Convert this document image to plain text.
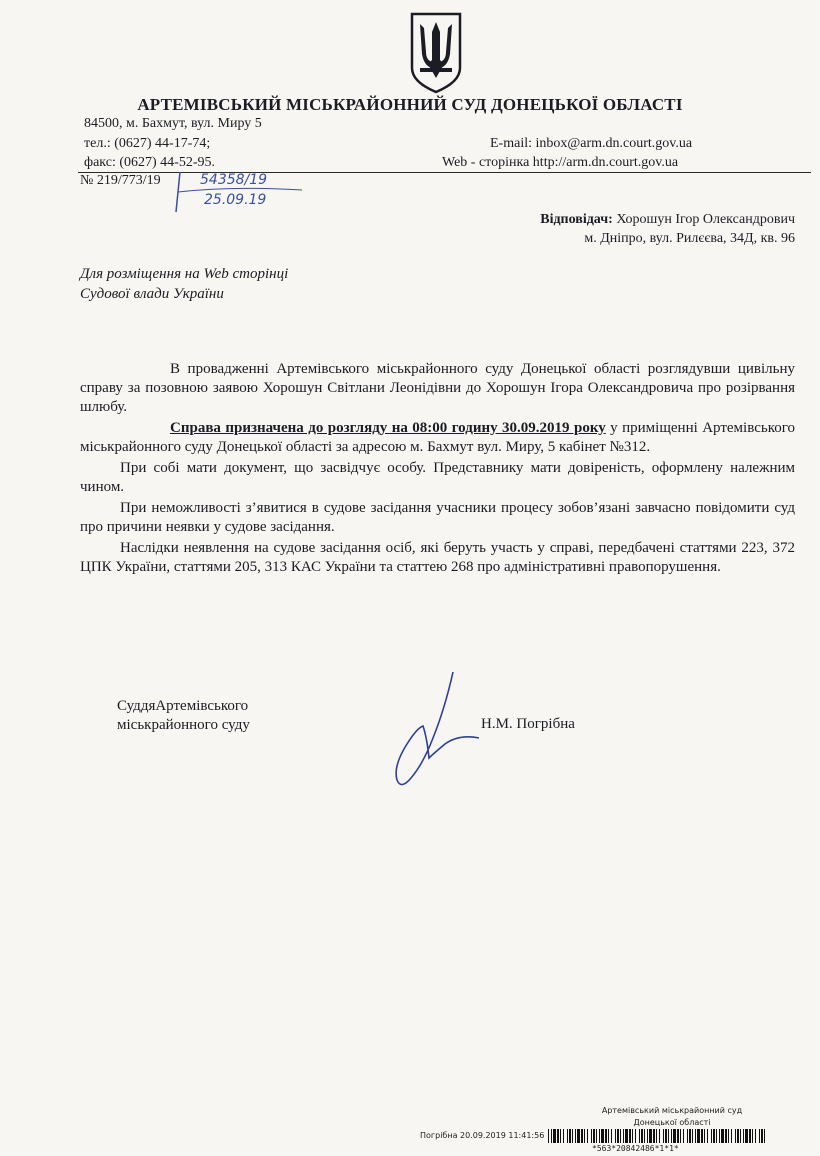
АРТЕМІВСЬКИЙ МІСЬКРАЙОННИЙ СУД ДОНЕЦЬКОЇ ОБЛАСТІ
84500, м. Бахмут, вул. Миру 5
тел.: (0627) 44-17-74;
факс: (0627) 44-52-95.
E-mail: inbox@arm.dn.court.gov.ua
Web - сторінка http://arm.dn.court.gov.ua
№ 219/773/19	54358/19
25.09.19
Відповідач: Хорошун Ігор Олександрович
м. Дніпро, вул. Рилєєва, 34Д, кв. 96
Для розміщення на Web сторінці
Судової влади України

В провадженні Артемівського міськрайонного суду Донецької області розглядувши цивільну справу за позовною заявою Хорошун Світлани Леонідівни до Хорошун Ігора Олександровича про розірвання шлюбу.

Справа призначена до розгляду на 08:00 годину 30.09.2019 року у приміщенні Артемівського міськрайонного суду Донецької області за адресою м. Бахмут вул. Миру, 5 кабінет №312.

При собі мати документ, що засвідчує особу. Представнику мати довіреність, оформлену належним чином.

При неможливості з’явитися в судове засідання учасники процесу зобов’язані завчасно повідомити суд про причини неявки у судове засідання.

Наслідки неявлення на судове засідання осіб, які беруть участь у справі, передбачені статтями 223, 372 ЦПК України, статтями 205, 313 КАС України та статтею 268 про адміністративні правопорушення.

СуддяАртемівського
міськрайонного суду	Н.М. Погрібна
Артемівський міськрайонний суд
Донецької області
Погрібна 20.09.2019 11:41:56
*563*20842486*1*1*
